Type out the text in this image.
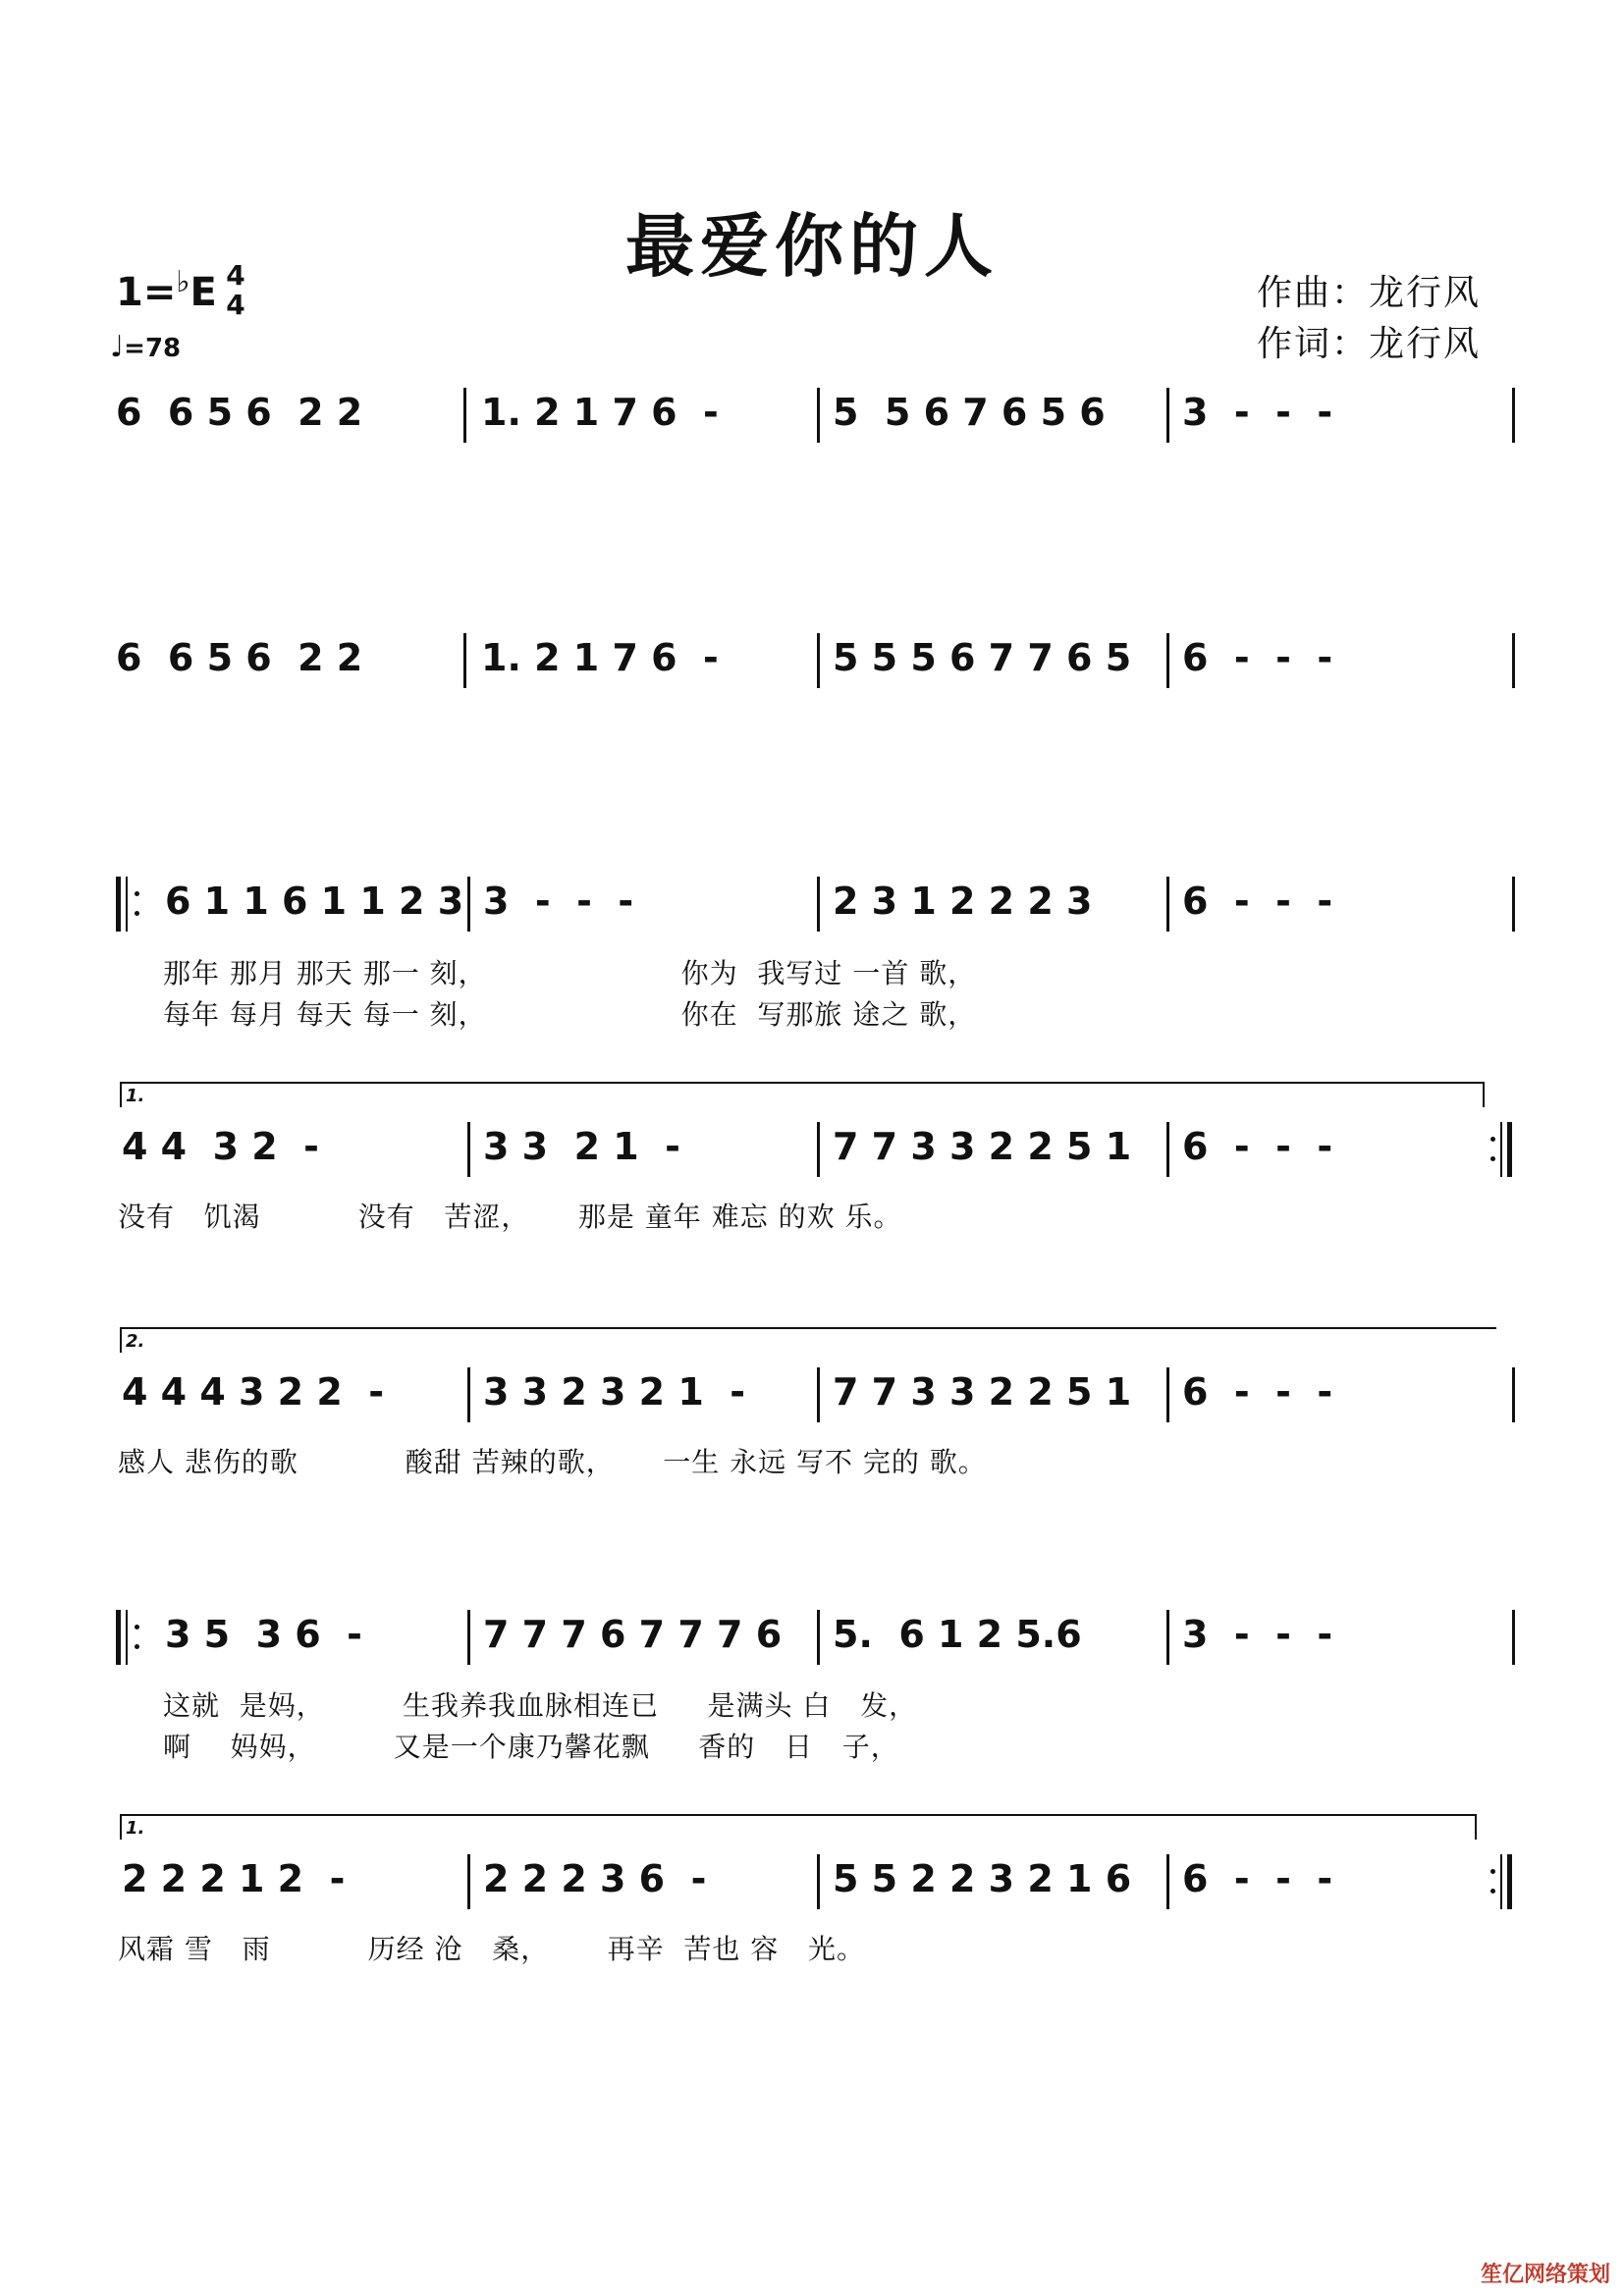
最爱你的人
1=♭E 4
4
♩=78
作曲：龙行风
作词：龙行风
6  6 5 6  2 2	1. 2 1 7 6  -	5  5 6 7 6 5 6 3  -  -  -
6  6 5 6  2 2	1. 2 1 7 6  -	5 5 5 6 7 7 6 5 6  -  -  -
6 1 1 6 1 1 2 3 3  -  -  -	2 3 1 2 2 2 3 6  -  -  -
那年 那月 那天 那一 刻，                    你为  我写过 一首 歌，
每年 每月 每天 每一 刻，                    你在  写那旅 途之 歌，
1.
4 4  3 2  -	3 3  2 1  -	7 7 3 3 2 2 5 1 6  -  -  -
没有   饥渴          没有   苦涩，     那是 童年 难忘 的欢 乐。
2.
4 4 4 3 2 2  -	3 3 2 3 2 1  - 7 7 3 3 2 2 5 1 6  -  -  -
感人 悲伤的歌           酸甜 苦辣的歌，     一生 永远 写不 完的 歌。
3 5  3 6  -	7 7 7 6 7 7 7 6 5.  6 1 2 5.6	3  -  -  -
这就  是妈，        生我养我血脉相连已     是满头 白   发，
啊    妈妈，        又是一个康乃馨花飘     香的   日   子，
1.
2 2 2 1 2  -	2 2 2 3 6  -	5 5 2 2 3 2 1 6 6  -  -  -
风霜 雪   雨          历经 沧   桑，      再辛  苦也 容   光。
笙亿网络策划
